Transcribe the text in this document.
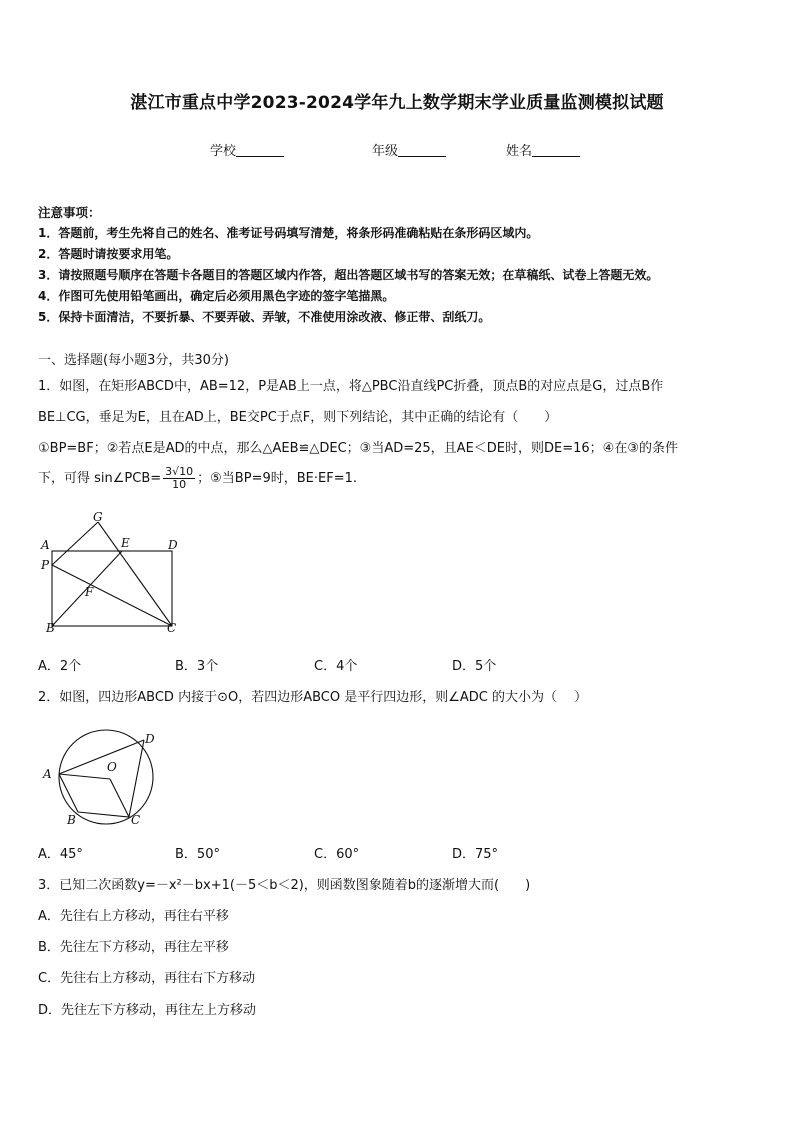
湛江市重点中学2023-2024学年九上数学期末学业质量监测模拟试题
学校	年级	姓名
注意事项：
1．答题前，考生先将自己的姓名、准考证号码填写清楚，将条形码准确粘贴在条形码区域内。
2．答题时请按要求用笔。
3．请按照题号顺序在答题卡各题目的答题区域内作答，超出答题区域书写的答案无效；在草稿纸、试卷上答题无效。
4．作图可先使用铅笔画出，确定后必须用黑色字迹的签字笔描黑。
5．保持卡面清洁，不要折暴、不要弄破、弄皱，不准使用涂改液、修正带、刮纸刀。
一、选择题(每小题3分，共30分)
1．如图，在矩形ABCD中，AB=12，P是AB上一点，将△PBC沿直线PC折叠，顶点B的对应点是G，过点B作
BE⊥CG，垂足为E，且在AD上，BE交PC于点F，则下列结论，其中正确的结论有（　　）
①BP=BF；②若点E是AD的中点，那么△AEB≌△DEC；③当AD=25，且AE＜DE时，则DE=16；④在③的条件
下，可得 sin∠PCB= $\frac{3√10}{10}$ ；⑤当BP=9时，BE·EF=1.
G
A	E	D
P
F
B	C
A．2个	B．3个	C．4个	D．5个
2．如图，四边形ABCD 内接于⊙O，若四边形ABCO 是平行四边形，则∠ADC 的大小为（　 ）
D
A	O
B	C
A．45°	B．50°	C．60°	D．75°
3．已知二次函数y=－x²－bx+1(－5＜b＜2)，则函数图象随着b的逐渐增大而(　　)
A．先往右上方移动，再往右平移
B．先往左下方移动，再往左平移
C．先往右上方移动，再往右下方移动
D．先往左下方移动，再往左上方移动
